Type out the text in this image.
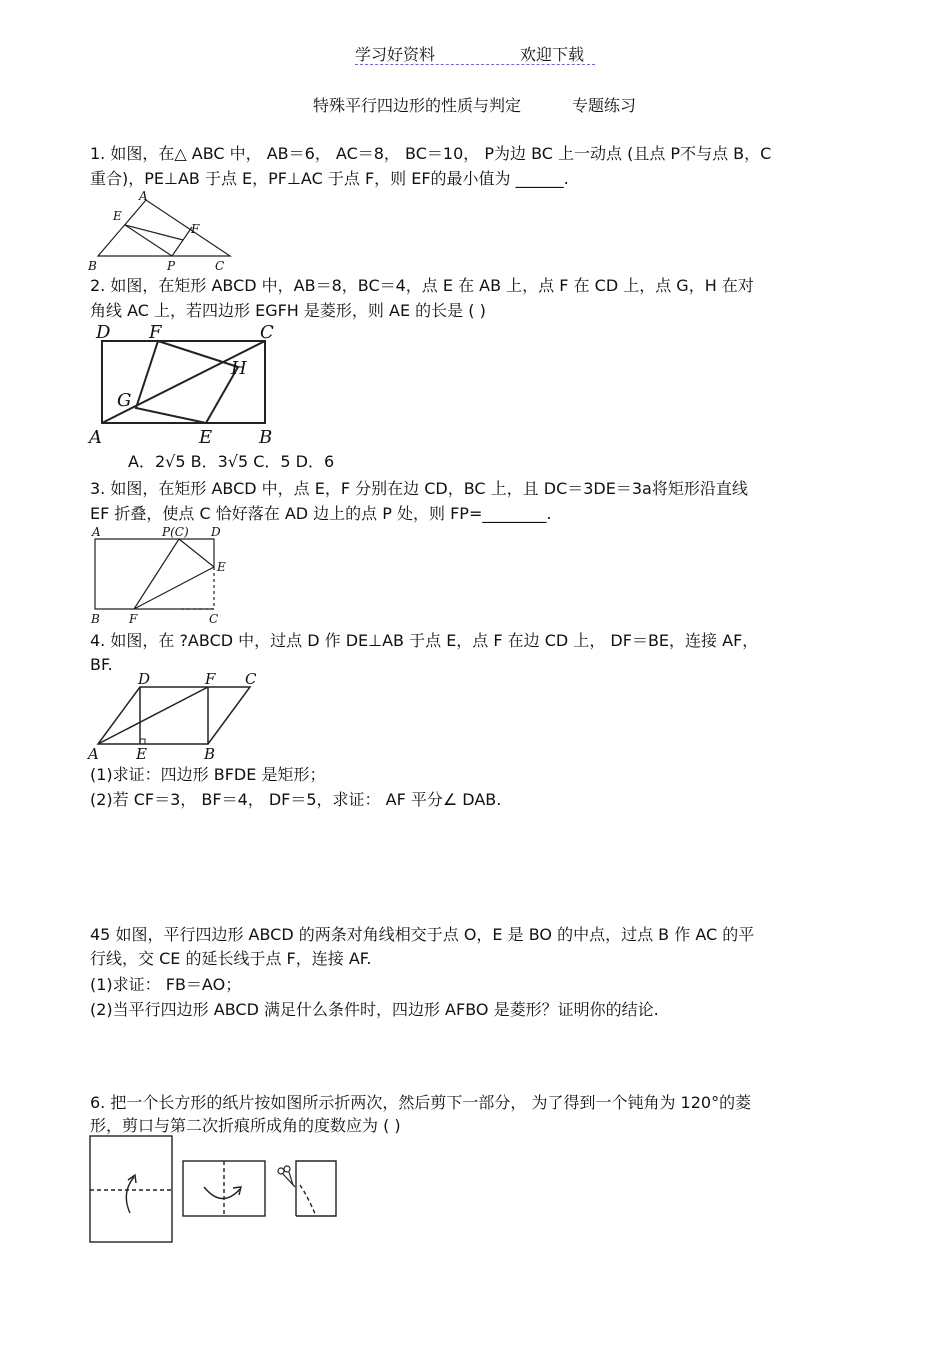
学习好资料	欢迎下载
特殊平行四边形的性质与判定	专题练习
1. 如图，在△ ABC 中， AB＝6， AC＝8， BC＝10， P为边 BC 上一动点 (且点 P不与点 B，C
重合)，PE⊥AB 于点 E，PF⊥AC 于点 F，则 EF的最小值为 ______.
A
B	C
E
F
P
2. 如图，在矩形 ABCD 中，AB＝8，BC＝4，点 E 在 AB 上，点 F 在 CD 上，点 G，H 在对
角线 AC 上，若四边形 EGFH 是菱形，则 AE 的长是 ( )
D F	C
H
G
A	E	B
A．2√5 B．3√5 C．5 D．6
3. 如图，在矩形 ABCD 中，点 E，F 分别在边 CD，BC 上，且 DC＝3DE＝3a将矩形沿直线
EF 折叠，使点 C 恰好落在 AD 边上的点 P 处，则 FP=________.
A	P(C) D
E
B F	C
4. 如图，在 ?ABCD 中，过点 D 作 DE⊥AB 于点 E，点 F 在边 CD 上， DF＝BE，连接 AF，
BF.
D	F C
A E	B
(1)求证：四边形 BFDE 是矩形；
(2)若 CF＝3， BF＝4， DF＝5，求证： AF 平分∠ DAB.
45 如图，平行四边形 ABCD 的两条对角线相交于点 O，E 是 BO 的中点，过点 B 作 AC 的平
行线，交 CE 的延长线于点 F，连接 AF.
(1)求证： FB＝AO；
(2)当平行四边形 ABCD 满足什么条件时，四边形 AFBO 是菱形？证明你的结论.
6. 把一个长方形的纸片按如图所示折两次，然后剪下一部分， 为了得到一个钝角为 120°的菱
形，剪口与第二次折痕所成角的度数应为 ( )
